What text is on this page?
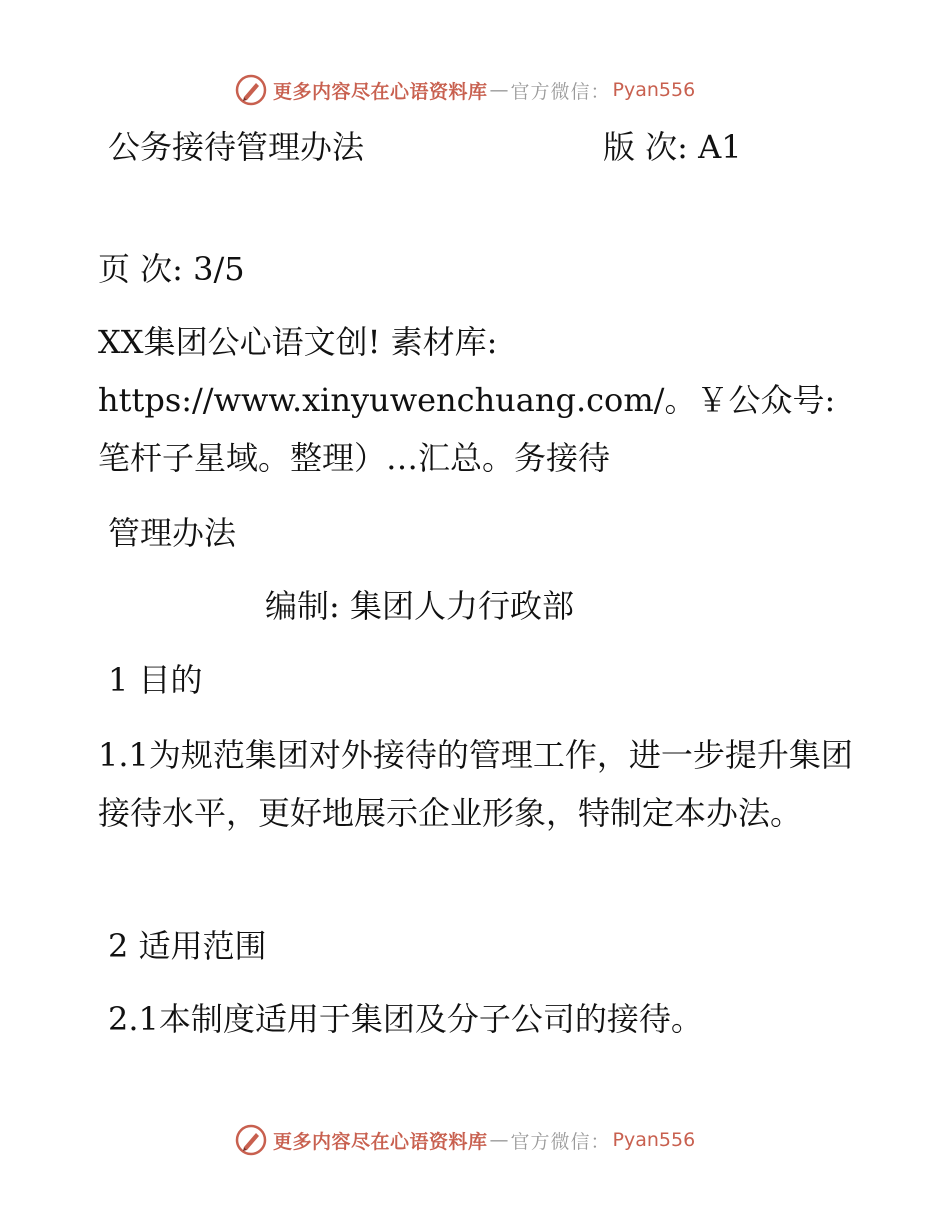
更多内容尽在心语资料库 — 官方微信： Pyan556
公务接待管理办法	版 次: A1
页 次: 3/5
XX集团公心语文创! 素材库: https://www.xinyuwenchuang.com/。￥公众号: 笔杆子星域。整理）…汇总。务接待
管理办法
编制: 集团人力行政部
1 目的
1.1为规范集团对外接待的管理工作，进一步提升集团接待水平，更好地展示企业形象，特制定本办法。
2 适用范围
2.1本制度适用于集团及分子公司的接待。
更多内容尽在心语资料库 — 官方微信： Pyan556
